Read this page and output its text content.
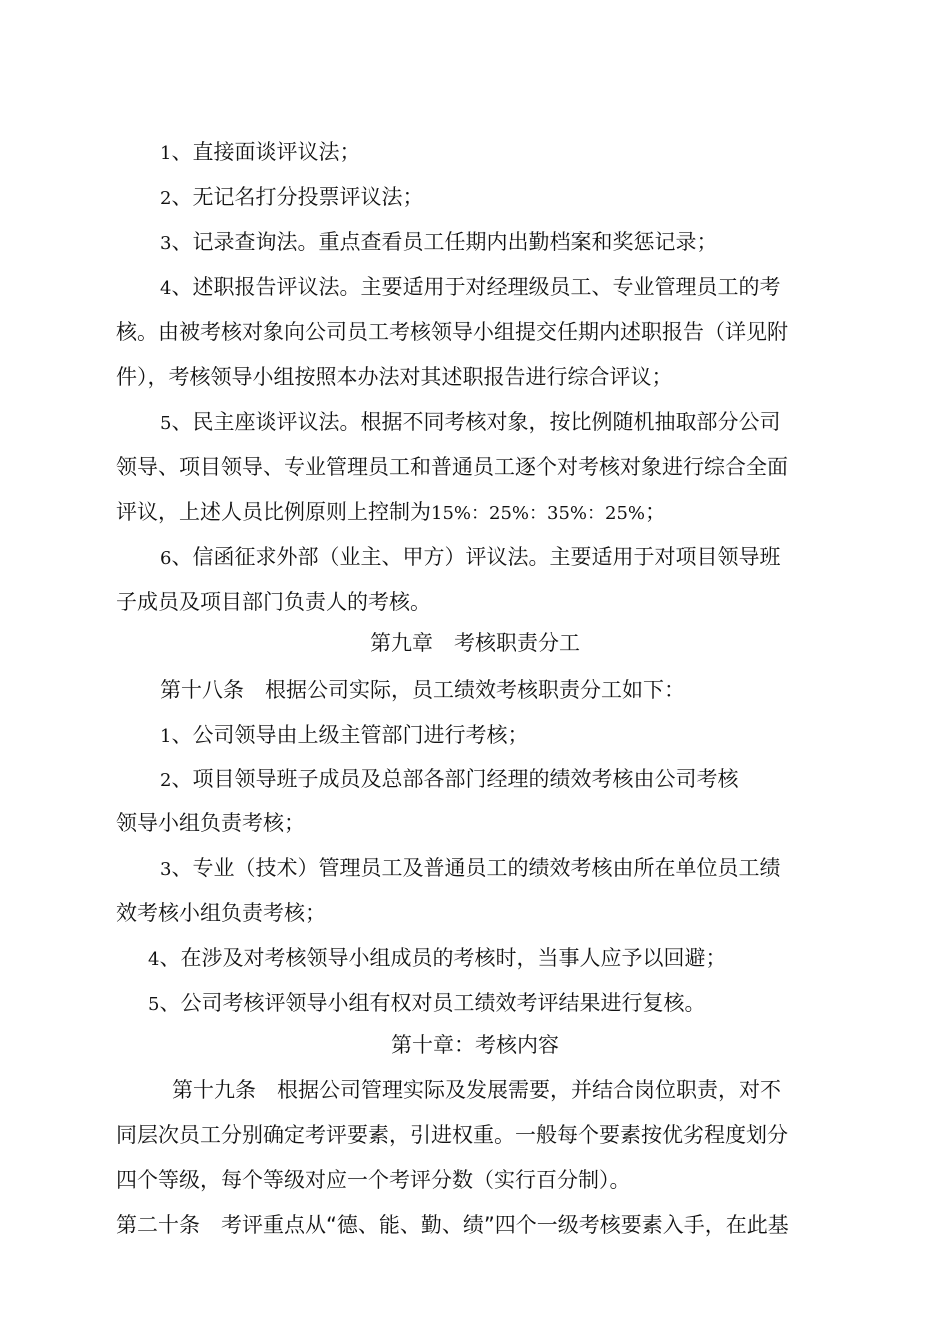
1、直接面谈评议法；
2、无记名打分投票评议法；
3、记录查询法。重点查看员工任期内出勤档案和奖惩记录；
4、述职报告评议法。主要适用于对经理级员工、专业管理员工的考
核。由被考核对象向公司员工考核领导小组提交任期内述职报告（详见附
件），考核领导小组按照本办法对其述职报告进行综合评议；
5、民主座谈评议法。根据不同考核对象，按比例随机抽取部分公司
领导、项目领导、专业管理员工和普通员工逐个对考核对象进行综合全面
评议，上述人员比例原则上控制为15%：25%：35%：25%；
6、信函征求外部（业主、甲方）评议法。主要适用于对项目领导班
子成员及项目部门负责人的考核。
第九章　考核职责分工
第十八条　根据公司实际，员工绩效考核职责分工如下：
1、公司领导由上级主管部门进行考核；
2、项目领导班子成员及总部各部门经理的绩效考核由公司考核
领导小组负责考核；
3、专业（技术）管理员工及普通员工的绩效考核由所在单位员工绩
效考核小组负责考核；
4、在涉及对考核领导小组成员的考核时，当事人应予以回避；
5、公司考核评领导小组有权对员工绩效考评结果进行复核。
第十章：考核内容
第十九条　根据公司管理实际及发展需要，并结合岗位职责，对不
同层次员工分别确定考评要素，引进权重。一般每个要素按优劣程度划分
四个等级，每个等级对应一个考评分数（实行百分制）。
第二十条　考评重点从“德、能、勤、绩”四个一级考核要素入手，在此基
